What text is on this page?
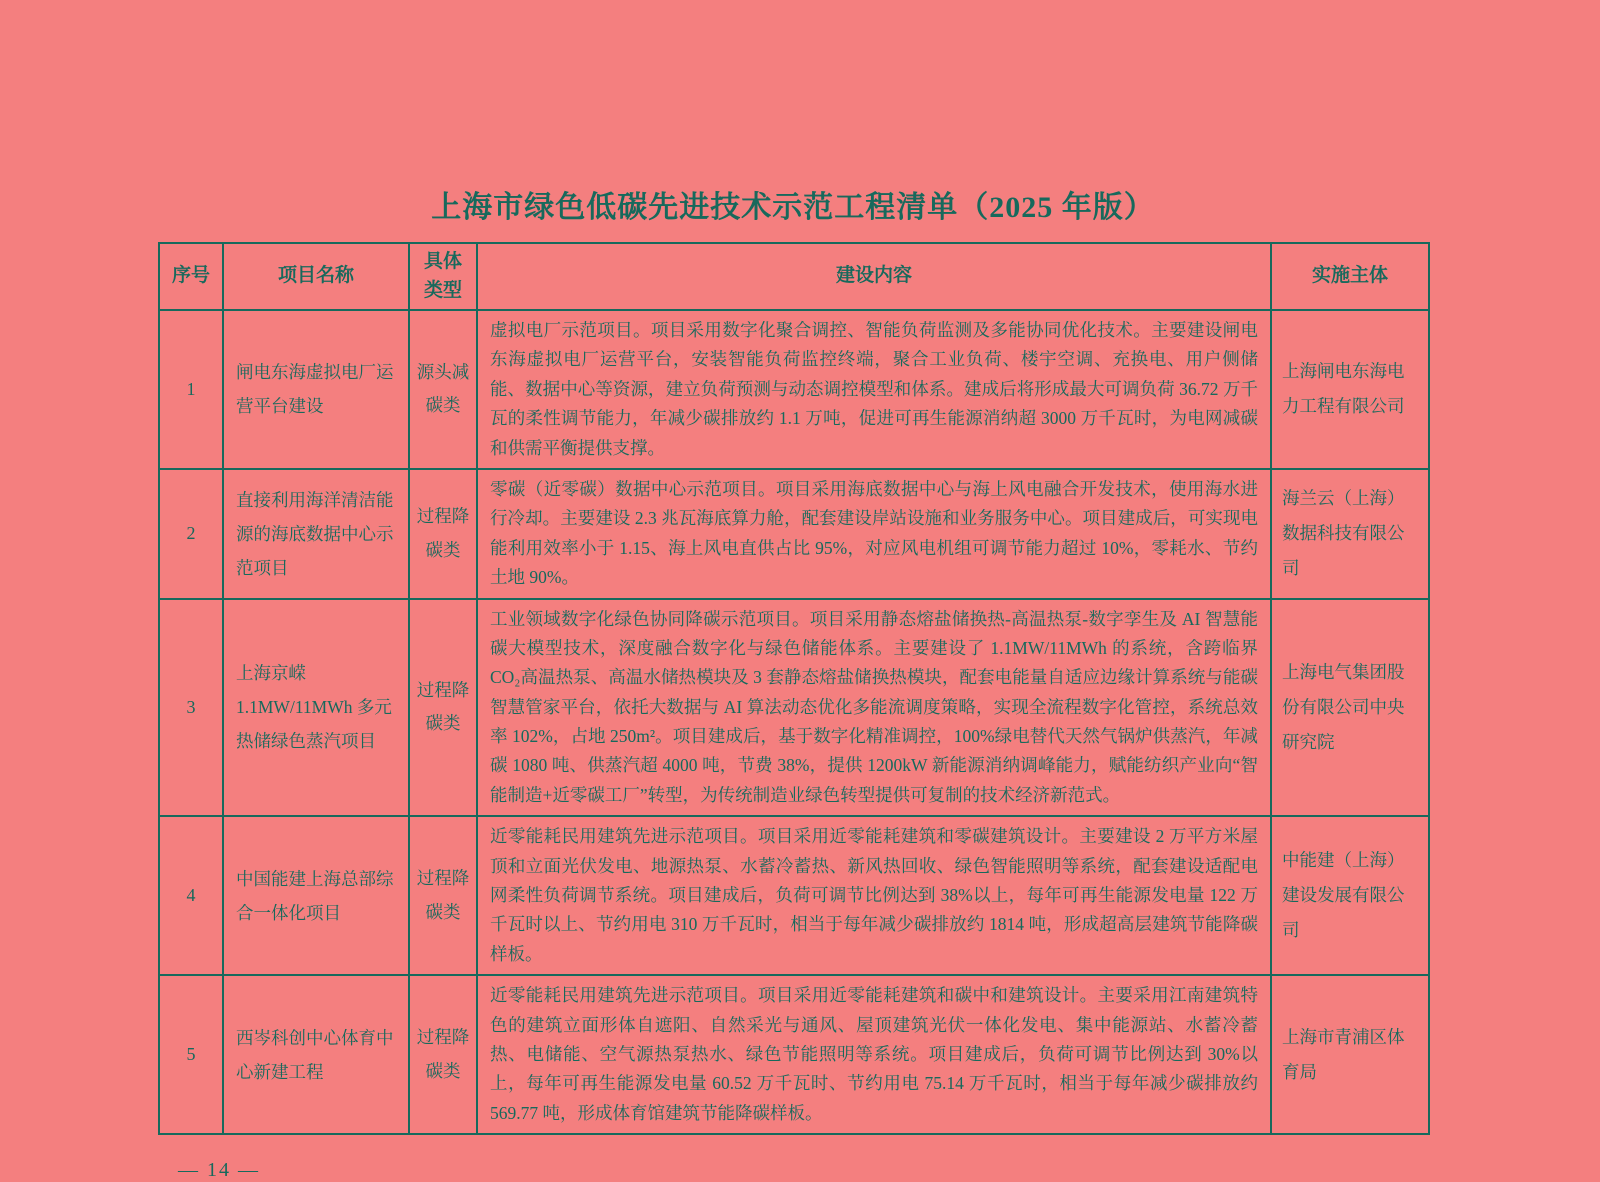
上海市绿色低碳先进技术示范工程清单（2025 年版）
序号	项目名称	具体类型	建设内容	实施主体
1	闸电东海虚拟电厂运营平台建设	源头减碳类	虚拟电厂示范项目。项目采用数字化聚合调控、智能负荷监测及多能协同优化技术。主要建设闸电东海虚拟电厂运营平台，安装智能负荷监控终端，聚合工业负荷、楼宇空调、充换电、用户侧储能、数据中心等资源，建立负荷预测与动态调控模型和体系。建成后将形成最大可调负荷 36.72 万千瓦的柔性调节能力，年减少碳排放约 1.1 万吨，促进可再生能源消纳超 3000 万千瓦时，为电网减碳和供需平衡提供支撑。	上海闸电东海电力工程有限公司
2	直接利用海洋清洁能源的海底数据中心示范项目	过程降碳类	零碳（近零碳）数据中心示范项目。项目采用海底数据中心与海上风电融合开发技术，使用海水进行冷却。主要建设 2.3 兆瓦海底算力舱，配套建设岸站设施和业务服务中心。项目建成后，可实现电能利用效率小于 1.15、海上风电直供占比 95%，对应风电机组可调节能力超过 10%，零耗水、节约土地 90%。	海兰云（上海）数据科技有限公司
3	上海京嵘 1.1MW/11MWh 多元热储绿色蒸汽项目	过程降碳类	工业领域数字化绿色协同降碳示范项目。项目采用静态熔盐储换热-高温热泵-数字孪生及 AI 智慧能碳大模型技术，深度融合数字化与绿色储能体系。主要建设了 1.1MW/11MWh 的系统，含跨临界 CO₂高温热泵、高温水储热模块及 3 套静态熔盐储换热模块，配套电能量自适应边缘计算系统与能碳智慧管家平台，依托大数据与 AI 算法动态优化多能流调度策略，实现全流程数字化管控，系统总效率 102%，占地 250m²。项目建成后，基于数字化精准调控，100%绿电替代天然气锅炉供蒸汽，年减碳 1080 吨、供蒸汽超 4000 吨，节费 38%，提供 1200kW 新能源消纳调峰能力，赋能纺织产业向“智能制造+近零碳工厂”转型，为传统制造业绿色转型提供可复制的技术经济新范式。	上海电气集团股份有限公司中央研究院
4	中国能建上海总部综合一体化项目	过程降碳类	近零能耗民用建筑先进示范项目。项目采用近零能耗建筑和零碳建筑设计。主要建设 2 万平方米屋顶和立面光伏发电、地源热泵、水蓄冷蓄热、新风热回收、绿色智能照明等系统，配套建设适配电网柔性负荷调节系统。项目建成后，负荷可调节比例达到 38%以上，每年可再生能源发电量 122 万千瓦时以上、节约用电 310 万千瓦时，相当于每年减少碳排放约 1814 吨，形成超高层建筑节能降碳样板。	中能建（上海）建设发展有限公司
5	西岑科创中心体育中心新建工程	过程降碳类	近零能耗民用建筑先进示范项目。项目采用近零能耗建筑和碳中和建筑设计。主要采用江南建筑特色的建筑立面形体自遮阳、自然采光与通风、屋顶建筑光伏一体化发电、集中能源站、水蓄冷蓄热、电储能、空气源热泵热水、绿色节能照明等系统。项目建成后，负荷可调节比例达到 30%以上，每年可再生能源发电量 60.52 万千瓦时、节约用电 75.14 万千瓦时，相当于每年减少碳排放约 569.77 吨，形成体育馆建筑节能降碳样板。	上海市青浦区体育局
— 14 —
